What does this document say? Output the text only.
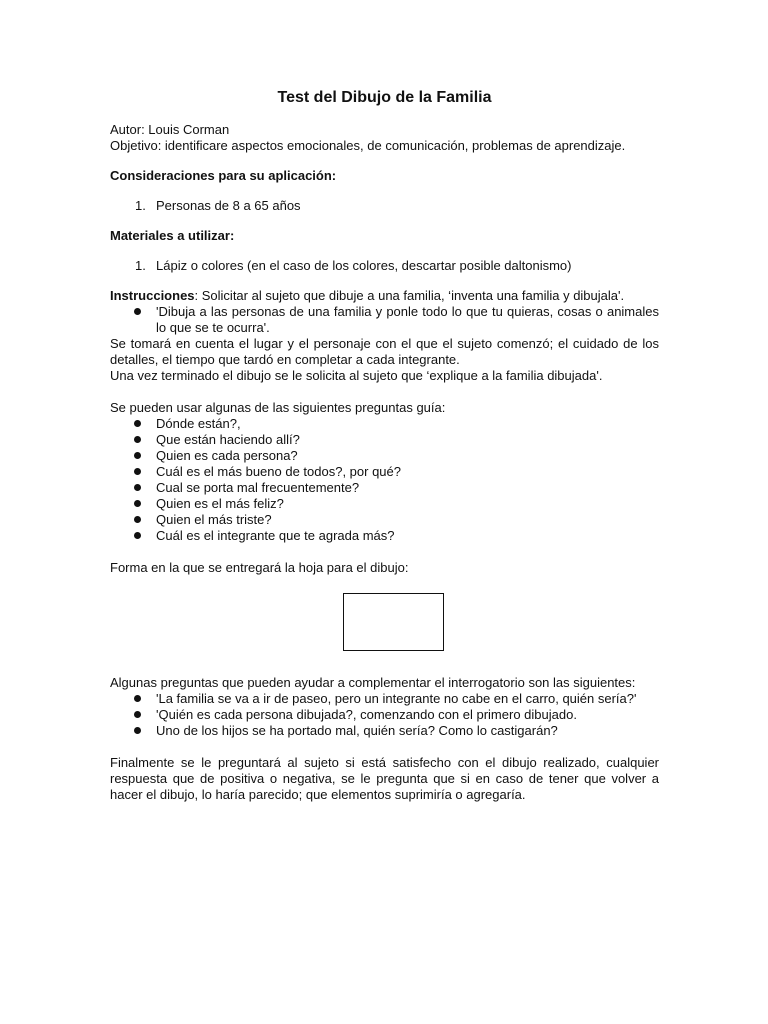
Test del Dibujo de la Familia

Autor: Louis Corman

Objetivo: identificare aspectos emocionales, de comunicación, problemas de aprendizaje.

Consideraciones para su aplicación:

1. Personas de 8 a 65 años

Materiales a utilizar:

1. Lápiz o colores (en el caso de los colores, descartar posible daltonismo)

Instrucciones: Solicitar al sujeto que dibuje a una familia, ‘inventa una familia y dibujala'.

'Dibuja a las personas de una familia y ponle todo lo que tu quieras, cosas o animales lo que se te ocurra'.

Se tomará en cuenta el lugar y el personaje con el que el sujeto comenzó; el cuidado de los detalles, el tiempo que tardó en completar a cada integrante.

Una vez terminado el dibujo se le solicita al sujeto que ‘explique a la familia dibujada'.

Se pueden usar algunas de las siguientes preguntas guía:

Dónde están?,
Que están haciendo allí?
Quien es cada persona?
Cuál es el más bueno de todos?, por qué?
Cual se porta mal frecuentemente?
Quien es el más feliz?
Quien el más triste?
Cuál es el integrante que te agrada más?

Forma en la que se entregará la hoja para el dibujo:

Algunas preguntas que pueden ayudar a complementar el interrogatorio son las siguientes:

'La familia se va a ir de paseo, pero un integrante no cabe en el carro, quién sería?'
'Quién es cada persona dibujada?, comenzando con el primero dibujado.
Uno de los hijos se ha portado mal, quién sería? Como lo castigarán?

Finalmente se le preguntará al sujeto si está satisfecho con el dibujo realizado, cualquier respuesta que de positiva o negativa, se le pregunta que si en caso de tener que volver a hacer el dibujo, lo haría parecido; que elementos suprimiría o agregaría.
